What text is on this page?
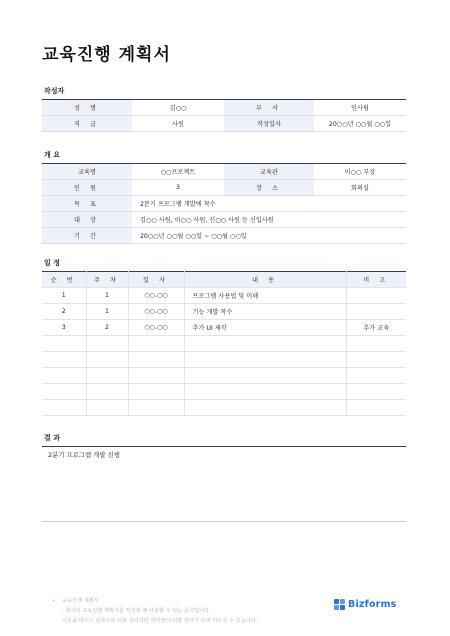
교육진행 계획서
작성자
성 명	김○○	부 서	인사팀
직 급	사원	작성일자	20○○년 ○○월 ○○일
개 요
교육명	○○프로젝트	교육관	이○○ 부장
인 원	3	장 소	회의실
목 표	2분기 프로그램 개발에 착수		
대 상	김○○ 사원, 이○○ 사원, 신○○ 사원 등 신입사원		
기 간	20○○년 ○○월 ○○일 ~ ○○월 ○○일		
일 정
순 번	주 차	일 자	내 용	비 고
1	1	○○.○○	프로그램 사용법 및 이해	
2	1	○○.○○	기능 개발 착수	
3	2	○○.○○	추가 UI 제작	추가 교육

결 과
2분기 프로그램 개발 진행
• 교육진행 계획서
- 회사의 교육진행 계획서를 작성할 때 사용할 수 있는 문서입니다.
이곳을 마우스 왼쪽으로 더블 클릭하면 머리말/꼬리말 상자가 뜨며 지우실 수 있습니다.
Bizforms
